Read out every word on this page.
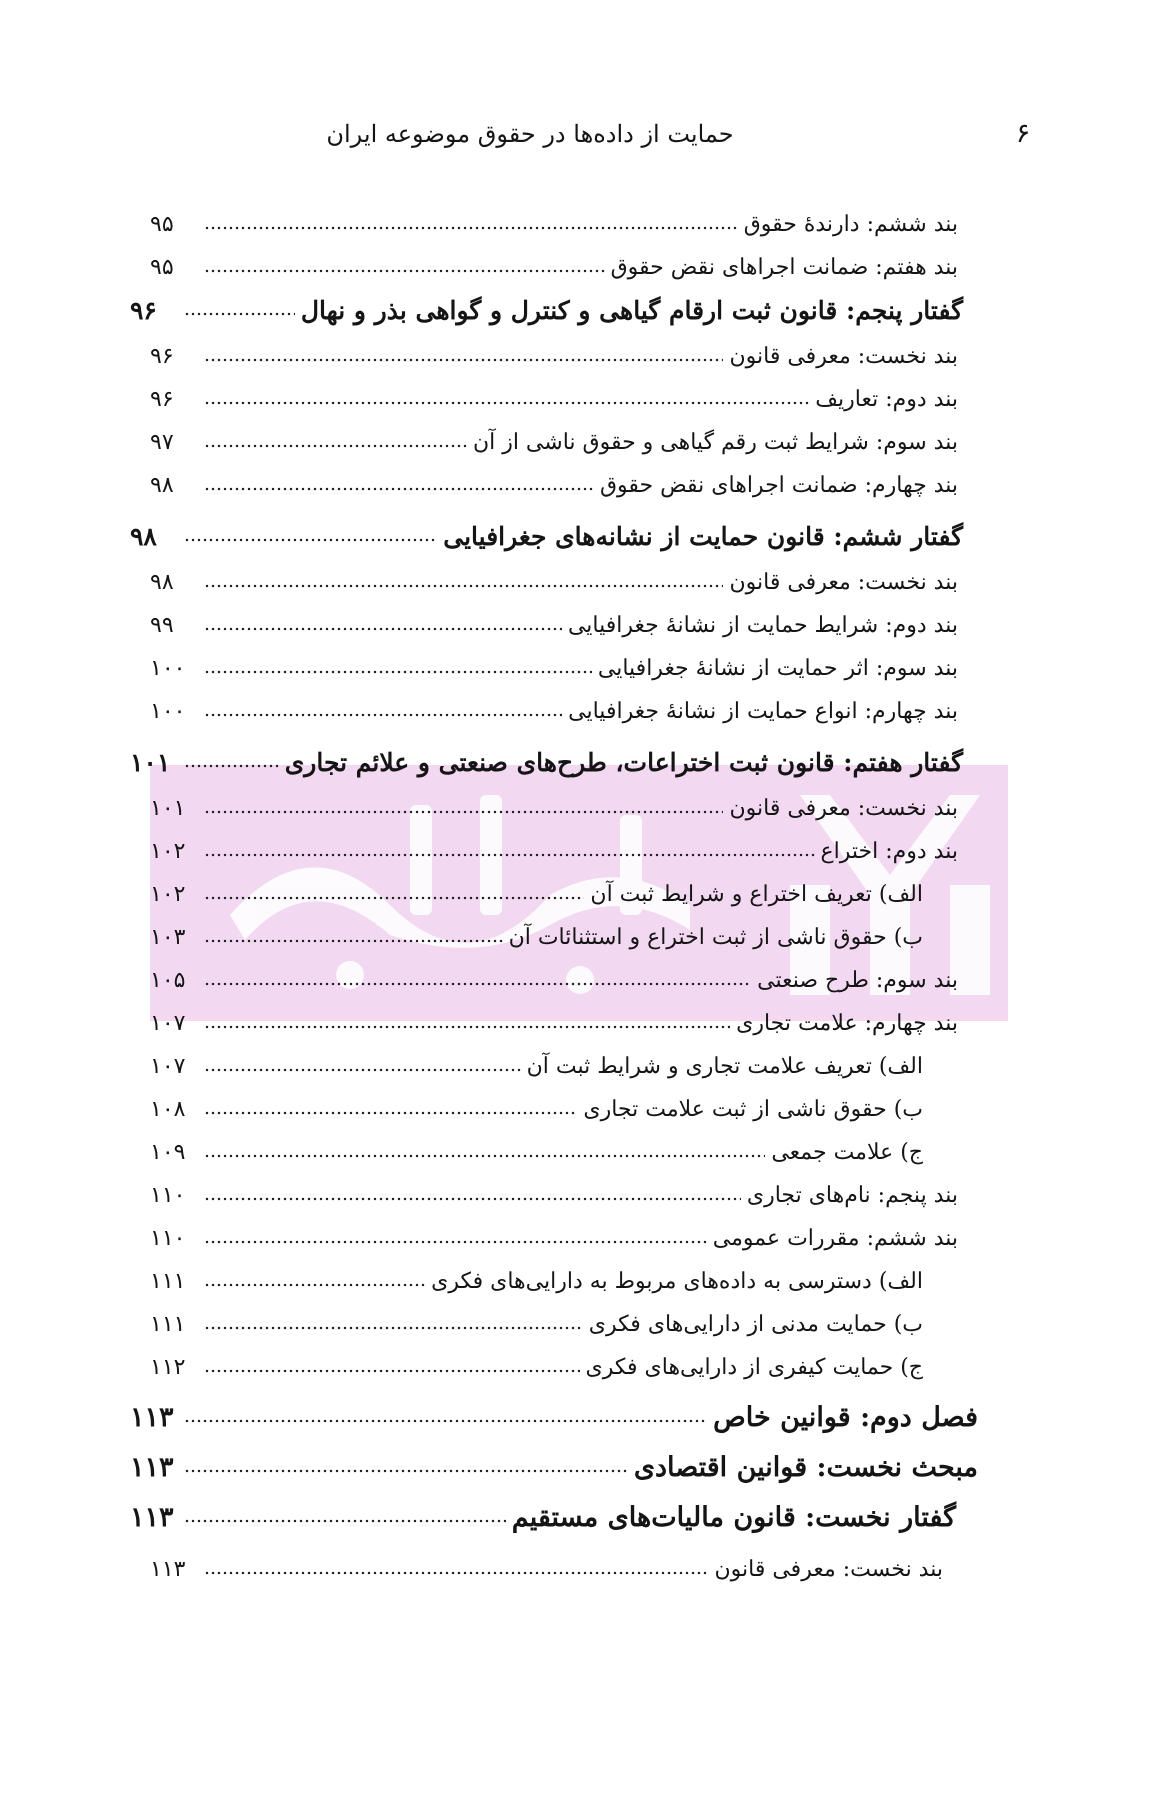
۶
حمایت از داده‌ها در حقوق موضوعه ایران
بند ششم: دارندهٔ حقوق
۹۵
بند هفتم: ضمانت اجراهای نقض حقوق
۹۵
گفتار پنجم: قانون ثبت ارقام گیاهی و کنترل و گواهی بذر و نهال
۹۶
بند نخست: معرفی قانون
۹۶
بند دوم: تعاریف
۹۶
بند سوم: شرایط ثبت رقم گیاهی و حقوق ناشی از آن
۹۷
بند چهارم: ضمانت اجراهای نقض حقوق
۹۸
گفتار ششم: قانون حمایت از نشانه‌های جغرافیایی
۹۸
بند نخست: معرفی قانون
۹۸
بند دوم: شرایط حمایت از نشانهٔ جغرافیایی
۹۹
بند سوم: اثر حمایت از نشانهٔ جغرافیایی
۱۰۰
بند چهارم: انواع حمایت از نشانهٔ جغرافیایی
۱۰۰
گفتار هفتم: قانون ثبت اختراعات، طرح‌های صنعتی و علائم تجاری
۱۰۱
بند نخست: معرفی قانون
۱۰۱
بند دوم: اختراع
۱۰۲
الف) تعریف اختراع و شرایط ثبت آن
۱۰۲
ب) حقوق ناشی از ثبت اختراع و استثنائات آن
۱۰۳
بند سوم: طرح صنعتی
۱۰۵
بند چهارم: علامت تجاری
۱۰۷
الف) تعریف علامت تجاری و شرایط ثبت آن
۱۰۷
ب) حقوق ناشی از ثبت علامت تجاری
۱۰۸
ج) علامت جمعی
۱۰۹
بند پنجم: نام‌های تجاری
۱۱۰
بند ششم: مقررات عمومی
۱۱۰
الف) دسترسی به داده‌های مربوط به دارایی‌های فکری
۱۱۱
ب) حمایت مدنی از دارایی‌های فکری
۱۱۱
ج) حمایت کیفری از دارایی‌های فکری
۱۱۲
فصل دوم: قوانین خاص
۱۱۳
مبحث نخست: قوانین اقتصادی
۱۱۳
گفتار نخست: قانون مالیات‌های مستقیم
۱۱۳
بند نخست: معرفی قانون
۱۱۳
